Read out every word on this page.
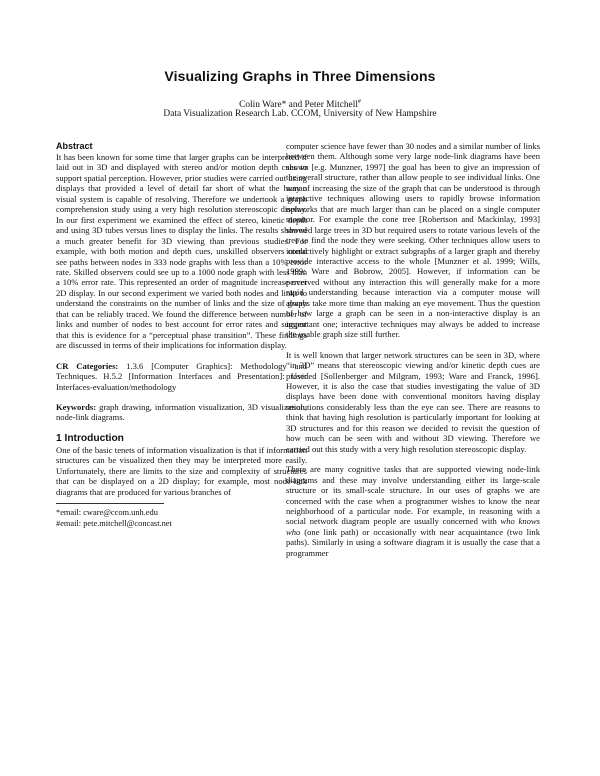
Visualizing Graphs in Three Dimensions
Colin Ware* and Peter Mitchell#
Data Visualization Research Lab. CCOM, University of New Hampshire
Abstract

It has been known for some time that larger graphs can be interpreted if laid out in 3D and displayed with stereo and/or motion depth cues to support spatial perception. However, prior studies were carried out using displays that provided a level of detail far short of what the human visual system is capable of resolving. Therefore we undertook a graph comprehension study using a very high resolution stereoscopic display. In our first experiment we examined the effect of stereo, kinetic depth and using 3D tubes versus lines to display the links. The results showed a much greater benefit for 3D viewing than previous studies. For example, with both motion and depth cues, unskilled observers could see paths between nodes in 333 node graphs with less than a 10% error rate. Skilled observers could see up to a 1000 node graph with less than a 10% error rate. This represented an order of magnitude increase over 2D display. In our second experiment we varied both nodes and links to understand the constraints on the number of links and the size of graph that can be reliably traced. We found the difference between number of links and number of nodes to best account for error rates and suggest that this is evidence for a “perceptual phase transition”. These findings are discussed in terms of their implications for information display.

CR Categories: 1.3.6 [Computer Graphics]: Methodology and Techniques. H.5.2 [Information Interfaces and Presentation]: User Interfaces-evaluation/methodology

Keywords: graph drawing, information visualization, 3D visualization, node-link diagrams.

1 Introduction

One of the basic tenets of information visualization is that if information structures can be visualized then they may be interpreted more easily. Unfortunately, there are limits to the size and complexity of structures that can be displayed on a 2D display; for example, most node-link diagrams that are produced for various branches of

*email: cware@ccom.unh.edu

#email: pete.mitchell@concast.net

computer science have fewer than 30 nodes and a similar number of links between them. Although some very large node-link diagrams have been shown [e.g. Munzner, 1997] the goal has been to give an impression of the overall structure, rather than allow people to see individual links. One way of increasing the size of the graph that can be understood is through interactive techniques allowing users to rapidly browse information networks that are much larger than can be placed on a single computer monitor. For example the cone tree [Robertson and Mackinlay, 1993] showed large trees in 3D but required users to rotate various levels of the tree to find the node they were seeking. Other techniques allow users to interactively highlight or extract subgraphs of a larger graph and thereby provide interactive access to the whole [Munzner et al. 1999; Wills, 1999; Ware and Bobrow, 2005]. However, if information can be perceived without any interaction this will generally make for a more rapid understanding because interaction via a computer mouse will always take more time than making an eye movement. Thus the question of how large a graph can be seen in a non-interactive display is an important one; interactive techniques may always be added to increase the usable graph size still further.

It is well known that larger network structures can be seen in 3D, where “in 3D” means that stereoscopic viewing and/or kinetic depth cues are provided [Sollenberger and Milgram, 1993; Ware and Franck, 1996]. However, it is also the case that studies investigating the value of 3D displays have been done with conventional monitors having display resolutions considerably less than the eye can see. There are reasons to think that having high resolution is particularly important for looking at 3D structures and for this reason we decided to revisit the question of how much can be seen with and without 3D viewing. Therefore we carried out this study with a very high resolution stereoscopic display.

There are many cognitive tasks that are supported viewing node-link diagrams and these may involve understanding either its large-scale structure or its small-scale structure. In our uses of graphs we are concerned with the case when a programmer wishes to know the near neighborhood of a particular node. For example, in reasoning with a social network diagram people are usually concerned with who knows who (one link path) or occasionally with near acquaintance (two link paths). Similarly in using a software diagram it is usually the case that a programmer
